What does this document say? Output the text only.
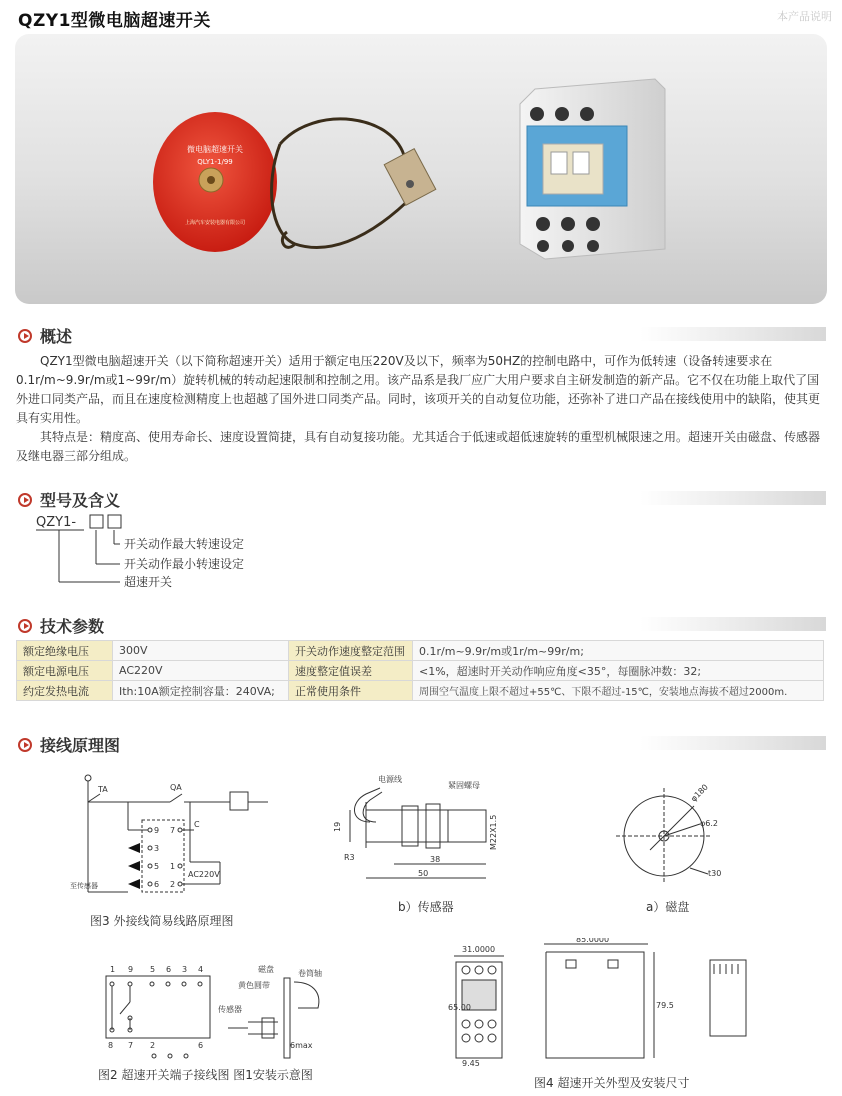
QZY1型微电脑超速开关	本产品说明
微电脑超速开关
QLY1-1/99
上海汽车安装电器有限公司
概述

QZY1型微电脑超速开关（以下简称超速开关）适用于额定电压220V及以下，频率为50HZ的控制电路中，可作为低转速（设备转速要求在0.1r/m~9.9r/m或1~99r/m）旋转机械的转动起速限制和控制之用。该产品系是我厂应广大用户要求自主研发制造的新产品。它不仅在功能上取代了国外进口同类产品，而且在速度检测精度上也超越了国外进口同类产品。同时，该项开关的自动复位功能，还弥补了进口产品在接线使用中的缺陷，使其更具有实用性。

其特点是：精度高、使用寿命长、速度设置简捷，具有自动复接功能。尤其适合于低速或超低速旋转的重型机械限速之用。超速开关由磁盘、传感器及继电器三部分组成。

型号及含义
QZY1-
开关动作最大转速设定
开关动作最小转速设定
超速开关
技术参数
额定绝缘电压	300V	开关动作速度整定范围	0.1r/m~9.9r/m或1r/m~99r/m;
额定电源电压	AC220V	速度整定值误差	<1%，超速时开关动作响应角度<35°，每圈脉冲数：32;
约定发热电流	Ith:10A额定控制容量：240VA;	正常使用条件	周围空气温度上限不超过+55℃、下限不超过-15℃，安装地点海拔不超过2000m.
接线原理图
TA	QA
9 7
C
3
5 1
6 2
AC220V
至传感器
图3 外接线简易线路原理图
电源线
紧固螺母
19	M22X1.5
R3	38
50
b）传感器
φ180
φ6.2
t30
a）磁盘
1 9 5 6 3 4
8 7 2	6
磁盘	卷筒轴
黄色圆带
传感器
6max
图2 超速开关端子接线图 图1安装示意图
31.0000
65.00
9.45
85.0000
79.5
图4 超速开关外型及安装尺寸
